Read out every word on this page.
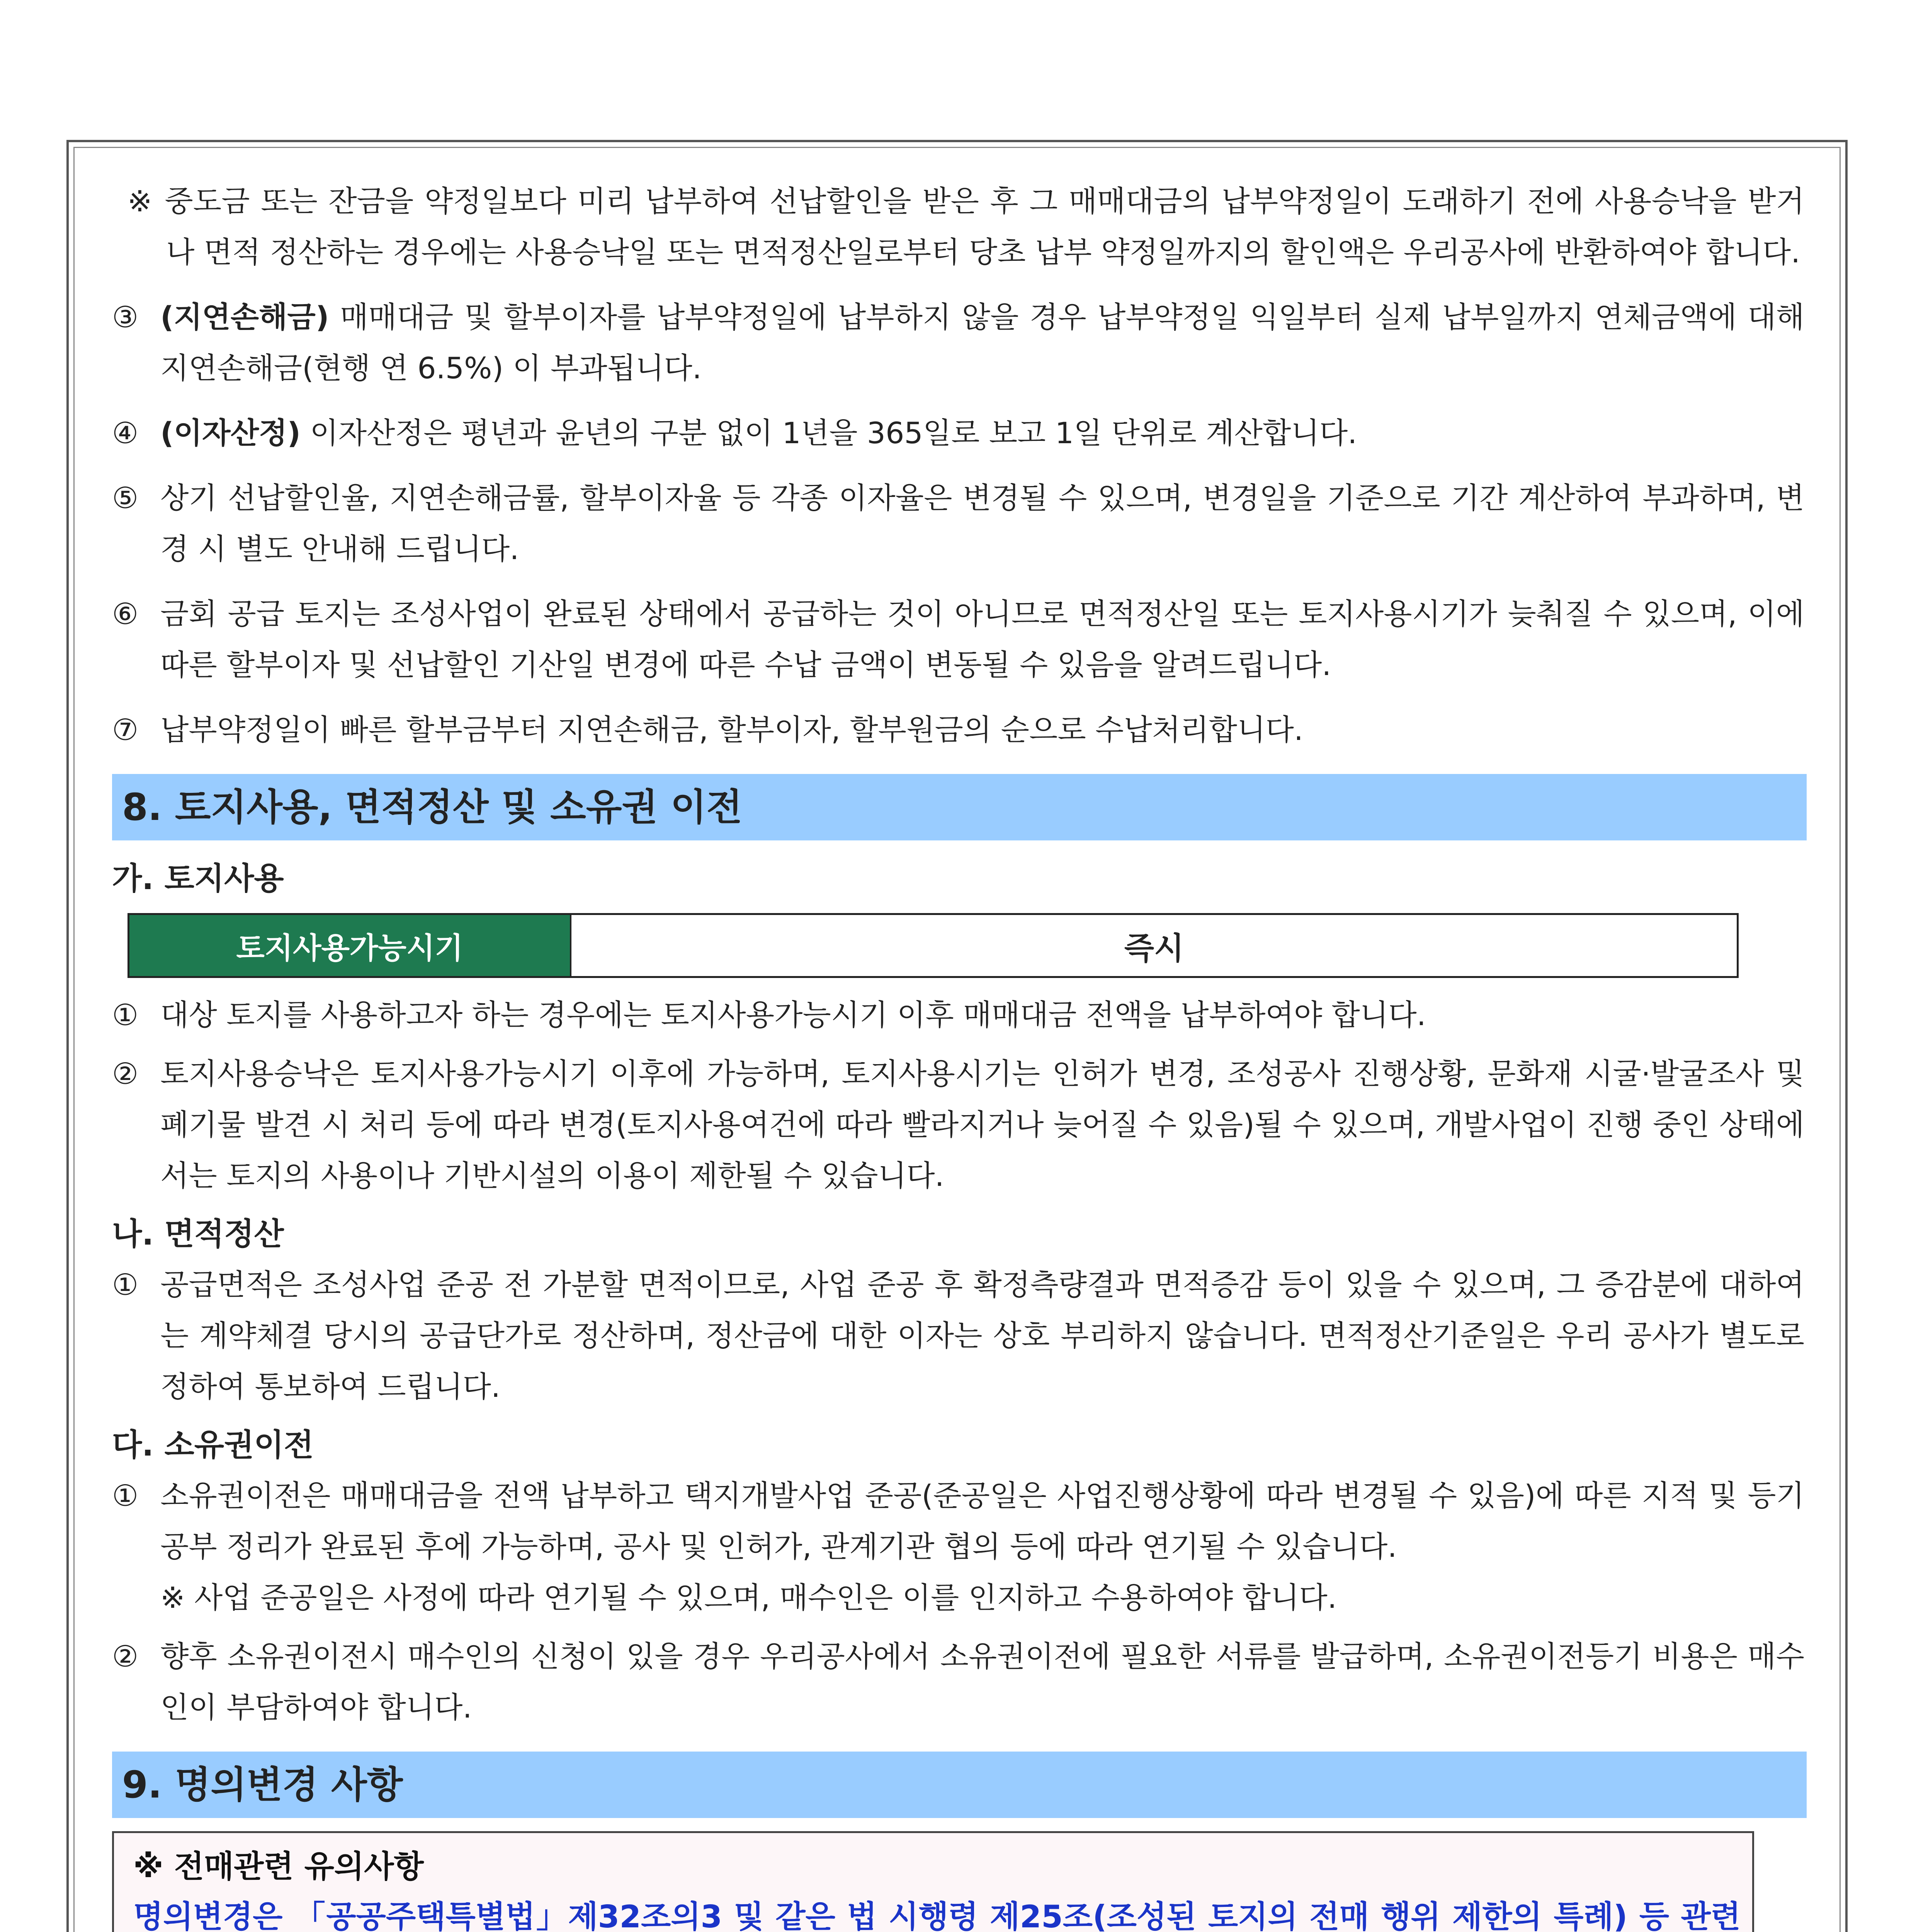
※ 중도금 또는 잔금을 약정일보다 미리 납부하여 선납할인을 받은 후 그 매매대금의 납부약정일이 도래하기 전에 사용승낙을 받거나 면적 정산하는 경우에는 사용승낙일 또는 면적정산일로부터 당초 납부 약정일까지의 할인액은 우리공사에 반환하여야 합니다.
③ (지연손해금) 매매대금 및 할부이자를 납부약정일에 납부하지 않을 경우 납부약정일 익일부터 실제 납부일까지 연체금액에 대해 지연손해금(현행 연 6.5%) 이 부과됩니다.
④ (이자산정) 이자산정은 평년과 윤년의 구분 없이 1년을 365일로 보고 1일 단위로 계산합니다.
⑤ 상기 선납할인율, 지연손해금률, 할부이자율 등 각종 이자율은 변경될 수 있으며, 변경일을 기준으로 기간 계산하여 부과하며, 변경 시 별도 안내해 드립니다.
⑥ 금회 공급 토지는 조성사업이 완료된 상태에서 공급하는 것이 아니므로 면적정산일 또는 토지사용시기가 늦춰질 수 있으며, 이에 따른 할부이자 및 선납할인 기산일 변경에 따른 수납 금액이 변동될 수 있음을 알려드립니다.
⑦ 납부약정일이 빠른 할부금부터 지연손해금, 할부이자, 할부원금의 순으로 수납처리합니다.
8. 토지사용, 면적정산 및 소유권 이전
가. 토지사용
토지사용가능시기	즉시
① 대상 토지를 사용하고자 하는 경우에는 토지사용가능시기 이후 매매대금 전액을 납부하여야 합니다.
② 토지사용승낙은 토지사용가능시기 이후에 가능하며, 토지사용시기는 인허가 변경, 조성공사 진행상황, 문화재 시굴·발굴조사 및 폐기물 발견 시 처리 등에 따라 변경(토지사용여건에 따라 빨라지거나 늦어질 수 있음)될 수 있으며, 개발사업이 진행 중인 상태에서는 토지의 사용이나 기반시설의 이용이 제한될 수 있습니다.
나. 면적정산
① 공급면적은 조성사업 준공 전 가분할 면적이므로, 사업 준공 후 확정측량결과 면적증감 등이 있을 수 있으며, 그 증감분에 대하여는 계약체결 당시의 공급단가로 정산하며, 정산금에 대한 이자는 상호 부리하지 않습니다. 면적정산기준일은 우리 공사가 별도로 정하여 통보하여 드립니다.
다. 소유권이전
① 소유권이전은 매매대금을 전액 납부하고 택지개발사업 준공(준공일은 사업진행상황에 따라 변경될 수 있음)에 따른 지적 및 등기공부 정리가 완료된 후에 가능하며, 공사 및 인허가, 관계기관 협의 등에 따라 연기될 수 있습니다.
※ 사업 준공일은 사정에 따라 연기될 수 있으며, 매수인은 이를 인지하고 수용하여야 합니다.
② 향후 소유권이전시 매수인의 신청이 있을 경우 우리공사에서 소유권이전에 필요한 서류를 발급하며, 소유권이전등기 비용은 매수인이 부담하여야 합니다.
9. 명의변경 사항
※ 전매관련 유의사항
명의변경은 「공공주택특별법」제32조의3 및 같은 법 시행령 제25조(조성된 토지의 전매 행위 제한의 특례) 등 관련
